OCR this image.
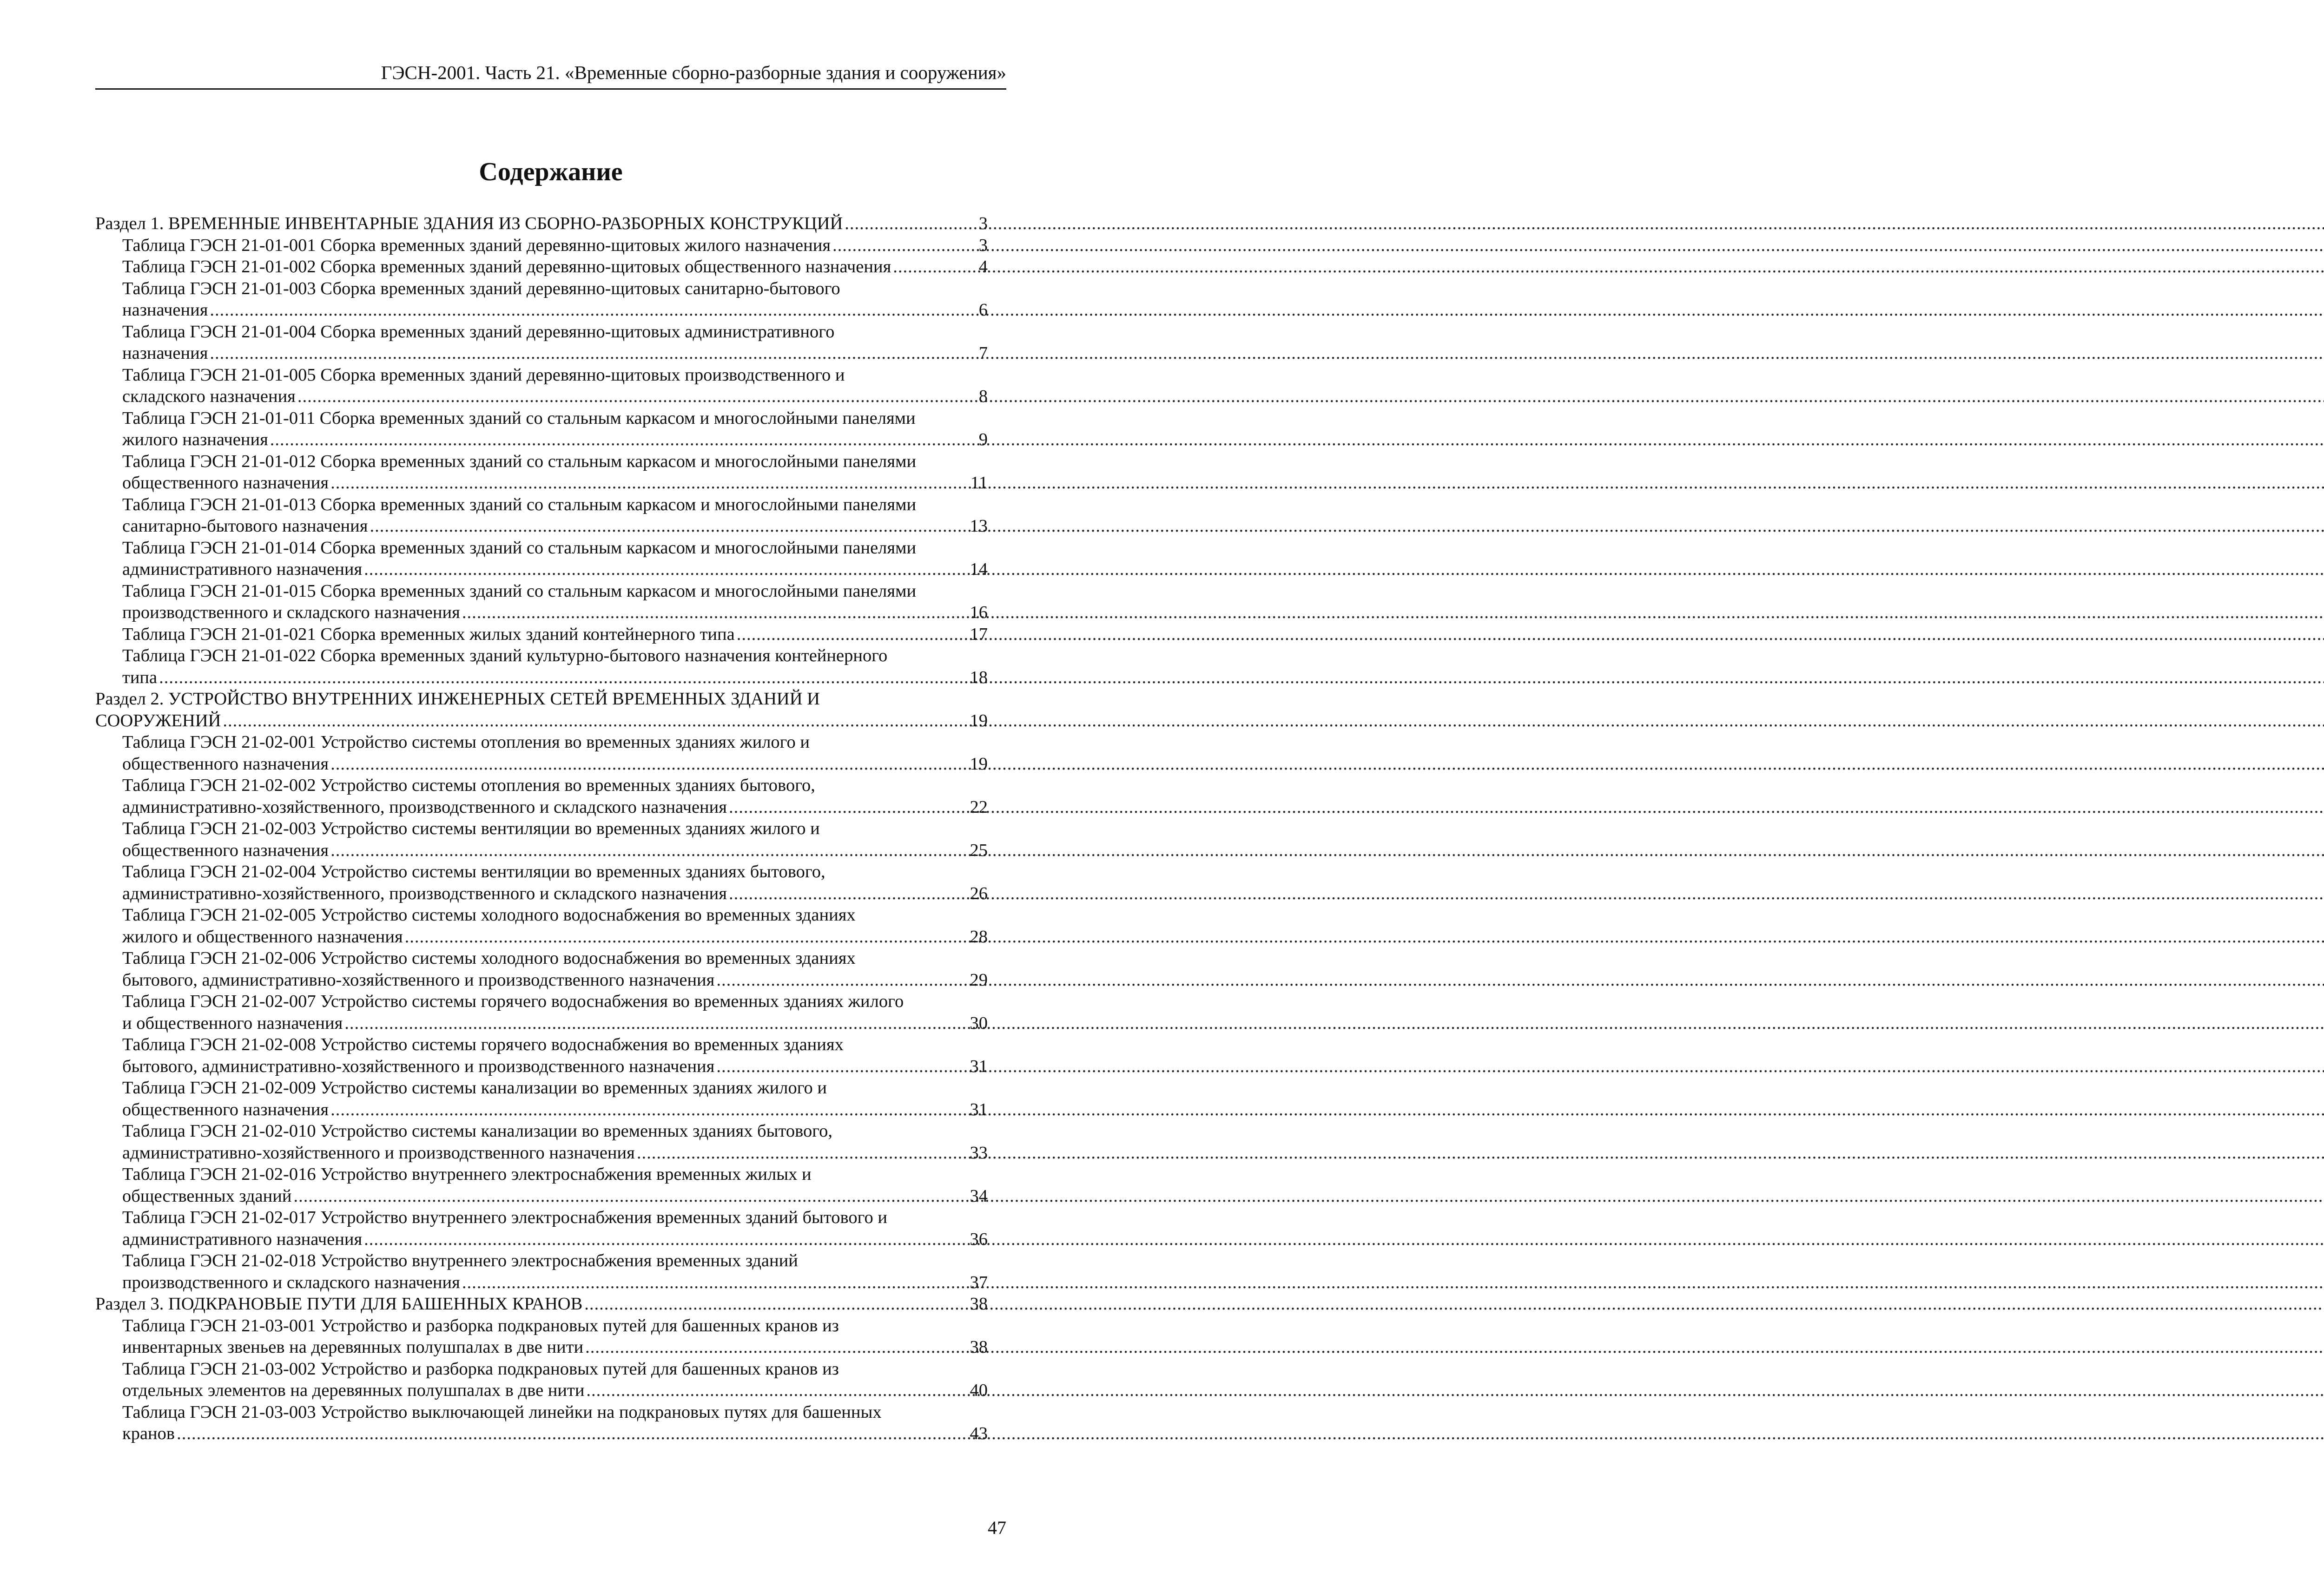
ГЭСН-2001. Часть 21. «Временные сборно-разборные здания и сооружения»
Содержание
Раздел 1. ВРЕМЕННЫЕ ИНВЕНТАРНЫЕ ЗДАНИЯ ИЗ СБОРНО-РАЗБОРНЫХ КОНСТРУКЦИЙ .....	3
Таблица ГЭСН 21-01-001 Сборка временных зданий деревянно-щитовых жилого назначения .....	3
Таблица ГЭСН 21-01-002 Сборка временных зданий деревянно-щитовых общественного назначения .....	4
Таблица ГЭСН 21-01-003 Сборка временных зданий деревянно-щитовых санитарно-бытового
назначения .....	6
Таблица ГЭСН 21-01-004 Сборка временных зданий деревянно-щитовых административного
назначения .....	7
Таблица ГЭСН 21-01-005 Сборка временных зданий деревянно-щитовых производственного и
складского назначения .....	8
Таблица ГЭСН 21-01-011 Сборка временных зданий со стальным каркасом и многослойными панелями
жилого назначения .....	9
Таблица ГЭСН 21-01-012 Сборка временных зданий со стальным каркасом и многослойными панелями
общественного назначения .....	11
Таблица ГЭСН 21-01-013 Сборка временных зданий со стальным каркасом и многослойными панелями
санитарно-бытового назначения .....	13
Таблица ГЭСН 21-01-014 Сборка временных зданий со стальным каркасом и многослойными панелями
административного назначения .....	14
Таблица ГЭСН 21-01-015 Сборка временных зданий со стальным каркасом и многослойными панелями
производственного и складского назначения .....	16
Таблица ГЭСН 21-01-021 Сборка временных жилых зданий контейнерного типа .....	17
Таблица ГЭСН 21-01-022 Сборка временных зданий культурно-бытового назначения контейнерного
типа .....	18
Раздел 2. УСТРОЙСТВО ВНУТРЕННИХ ИНЖЕНЕРНЫХ СЕТЕЙ ВРЕМЕННЫХ ЗДАНИЙ И
СООРУЖЕНИЙ .....	19
Таблица ГЭСН 21-02-001 Устройство системы отопления во временных зданиях жилого и
общественного назначения .....	19
Таблица ГЭСН 21-02-002 Устройство системы отопления во временных зданиях бытового,
административно-хозяйственного, производственного и складского назначения .....	22
Таблица ГЭСН 21-02-003 Устройство системы вентиляции во временных зданиях жилого и
общественного назначения .....	25
Таблица ГЭСН 21-02-004 Устройство системы вентиляции во временных зданиях бытового,
административно-хозяйственного, производственного и складского назначения .....	26
Таблица ГЭСН 21-02-005 Устройство системы холодного водоснабжения во временных зданиях
жилого и общественного назначения .....	28
Таблица ГЭСН 21-02-006 Устройство системы холодного водоснабжения во временных зданиях
бытового, административно-хозяйственного и производственного назначения .....	29
Таблица ГЭСН 21-02-007 Устройство системы горячего водоснабжения во временных зданиях жилого
и общественного назначения .....	30
Таблица ГЭСН 21-02-008 Устройство системы горячего водоснабжения во временных зданиях
бытового, административно-хозяйственного и производственного назначения .....	31
Таблица ГЭСН 21-02-009 Устройство системы канализации во временных зданиях жилого и
общественного назначения .....	31
Таблица ГЭСН 21-02-010 Устройство системы канализации во временных зданиях бытового,
административно-хозяйственного и производственного назначения .....	33
Таблица ГЭСН 21-02-016 Устройство внутреннего электроснабжения временных жилых и
общественных зданий .....	34
Таблица ГЭСН 21-02-017 Устройство внутреннего электроснабжения временных зданий бытового и
административного назначения .....	36
Таблица ГЭСН 21-02-018 Устройство внутреннего электроснабжения временных зданий
производственного и складского назначения .....	37
Раздел 3. ПОДКРАНОВЫЕ ПУТИ ДЛЯ БАШЕННЫХ КРАНОВ .....	38
Таблица ГЭСН 21-03-001 Устройство и разборка подкрановых путей для башенных кранов из
инвентарных звеньев на деревянных полушпалах в две нити .....	38
Таблица ГЭСН 21-03-002 Устройство и разборка подкрановых путей для башенных кранов из
отдельных элементов на деревянных полушпалах в две нити .....	40
Таблица ГЭСН 21-03-003 Устройство выключающей линейки на подкрановых путях для башенных
кранов .....	43
47
